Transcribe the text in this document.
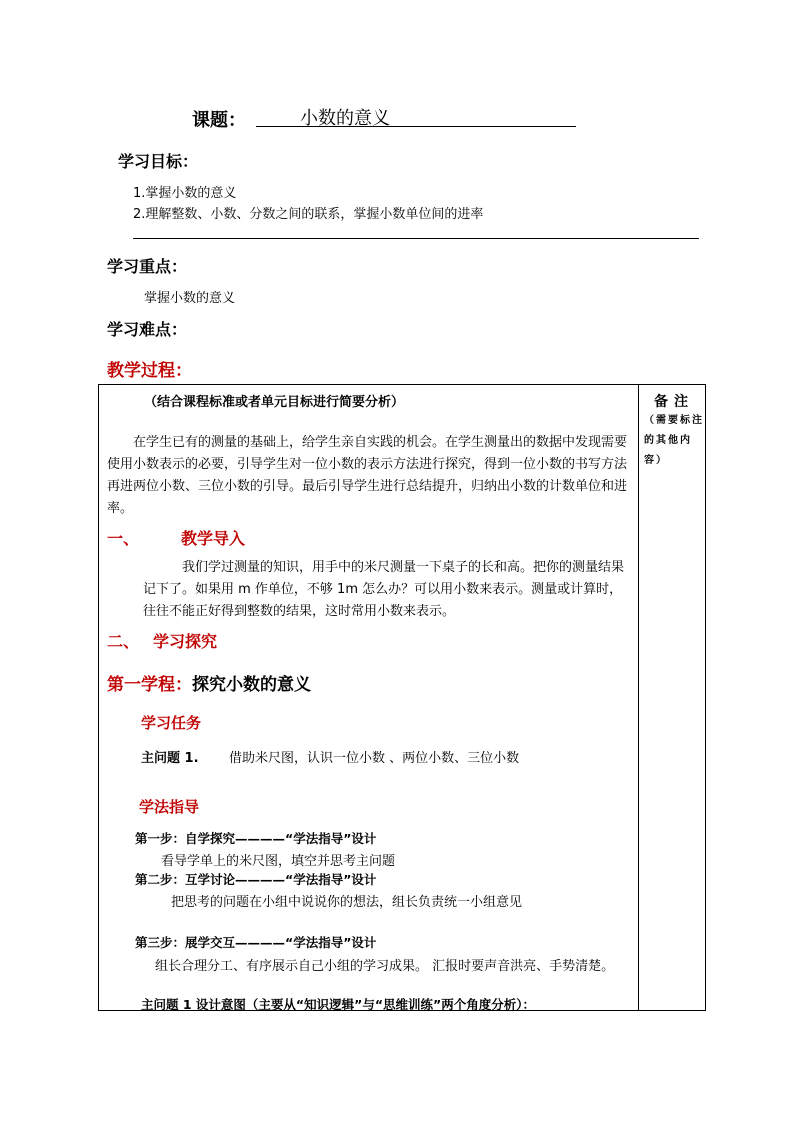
课题：	小数的意义
学习目标：
1.掌握小数的意义
2.理解整数、小数、分数之间的联系，掌握小数单位间的进率
学习重点：
掌握小数的意义
学习难点：
教学过程：
（结合课程标准或者单元目标进行简要分析）
  在学生已有的测量的基础上，给学生亲自实践的机会。在学生测量出的数据中发现需要使用小数表示的必要，引导学生对一位小数的表示方法进行探究，得到一位小数的书写方法再进两位小数、三位小数的引导。最后引导学生进行总结提升，归纳出小数的计数单位和进率。
一、	教学导入
   我们学过测量的知识，用手中的米尺测量一下桌子的长和高。把你的测量结果记下了。如果用 m 作单位，不够 1m 怎么办？可以用小数来表示。测量或计算时，往往不能正好得到整数的结果，这时常用小数来表示。
二、 学习探究
第一学程：探究小数的意义
学习任务
主问题 1. 借助米尺图，认识一位小数 、两位小数、三位小数
学法指导
第一步：自学探究————“学法指导”设计
看导学单上的米尺图，填空并思考主问题
第二步：互学讨论————“学法指导”设计
把思考的问题在小组中说说你的想法，组长负责统一小组意见
第三步：展学交互————“学法指导”设计
组长合理分工、有序展示自己小组的学习成果。 汇报时要声音洪亮、手势清楚。
主问题 1 设计意图（主要从“知识逻辑”与“思维训练”两个角度分析）：
备注
（需要标注的其他内容）
